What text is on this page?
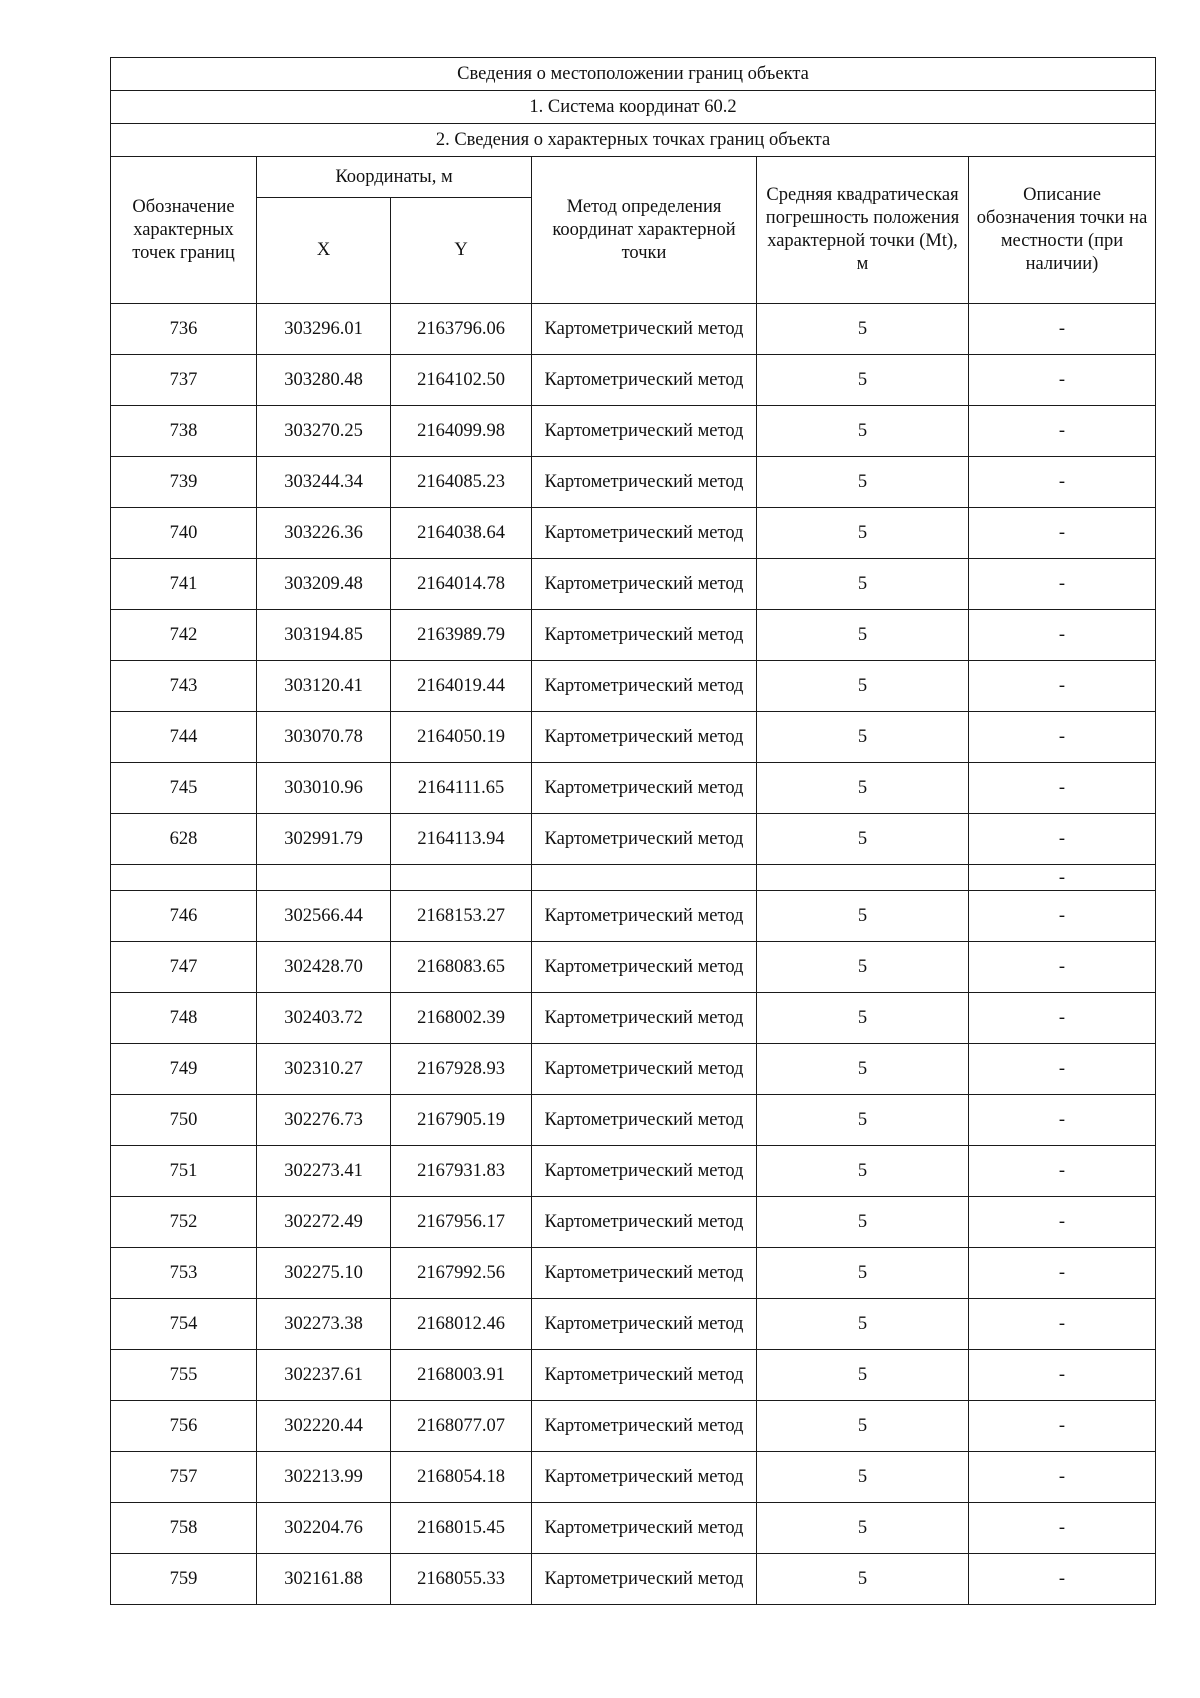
Сведения о местоположении границ объекта					
1. Система координат 60.2					
2. Сведения о характерных точках границ объекта					
Обозначение характерных точек границ	Координаты, м		Метод определения координат характерной точки	Средняя квадратическая погрешность положения характерной точки (Mt), м	Описание обозначения точки на местности (при наличии)
	X	Y			
736	303296.01	2163796.06	Картометрический метод	5	-
737	303280.48	2164102.50	Картометрический метод	5	-
738	303270.25	2164099.98	Картометрический метод	5	-
739	303244.34	2164085.23	Картометрический метод	5	-
740	303226.36	2164038.64	Картометрический метод	5	-
741	303209.48	2164014.78	Картометрический метод	5	-
742	303194.85	2163989.79	Картометрический метод	5	-
743	303120.41	2164019.44	Картометрический метод	5	-
744	303070.78	2164050.19	Картометрический метод	5	-
745	303010.96	2164111.65	Картометрический метод	5	-
628	302991.79	2164113.94	Картометрический метод	5	-
					-
746	302566.44	2168153.27	Картометрический метод	5	-
747	302428.70	2168083.65	Картометрический метод	5	-
748	302403.72	2168002.39	Картометрический метод	5	-
749	302310.27	2167928.93	Картометрический метод	5	-
750	302276.73	2167905.19	Картометрический метод	5	-
751	302273.41	2167931.83	Картометрический метод	5	-
752	302272.49	2167956.17	Картометрический метод	5	-
753	302275.10	2167992.56	Картометрический метод	5	-
754	302273.38	2168012.46	Картометрический метод	5	-
755	302237.61	2168003.91	Картометрический метод	5	-
756	302220.44	2168077.07	Картометрический метод	5	-
757	302213.99	2168054.18	Картометрический метод	5	-
758	302204.76	2168015.45	Картометрический метод	5	-
759	302161.88	2168055.33	Картометрический метод	5	-
